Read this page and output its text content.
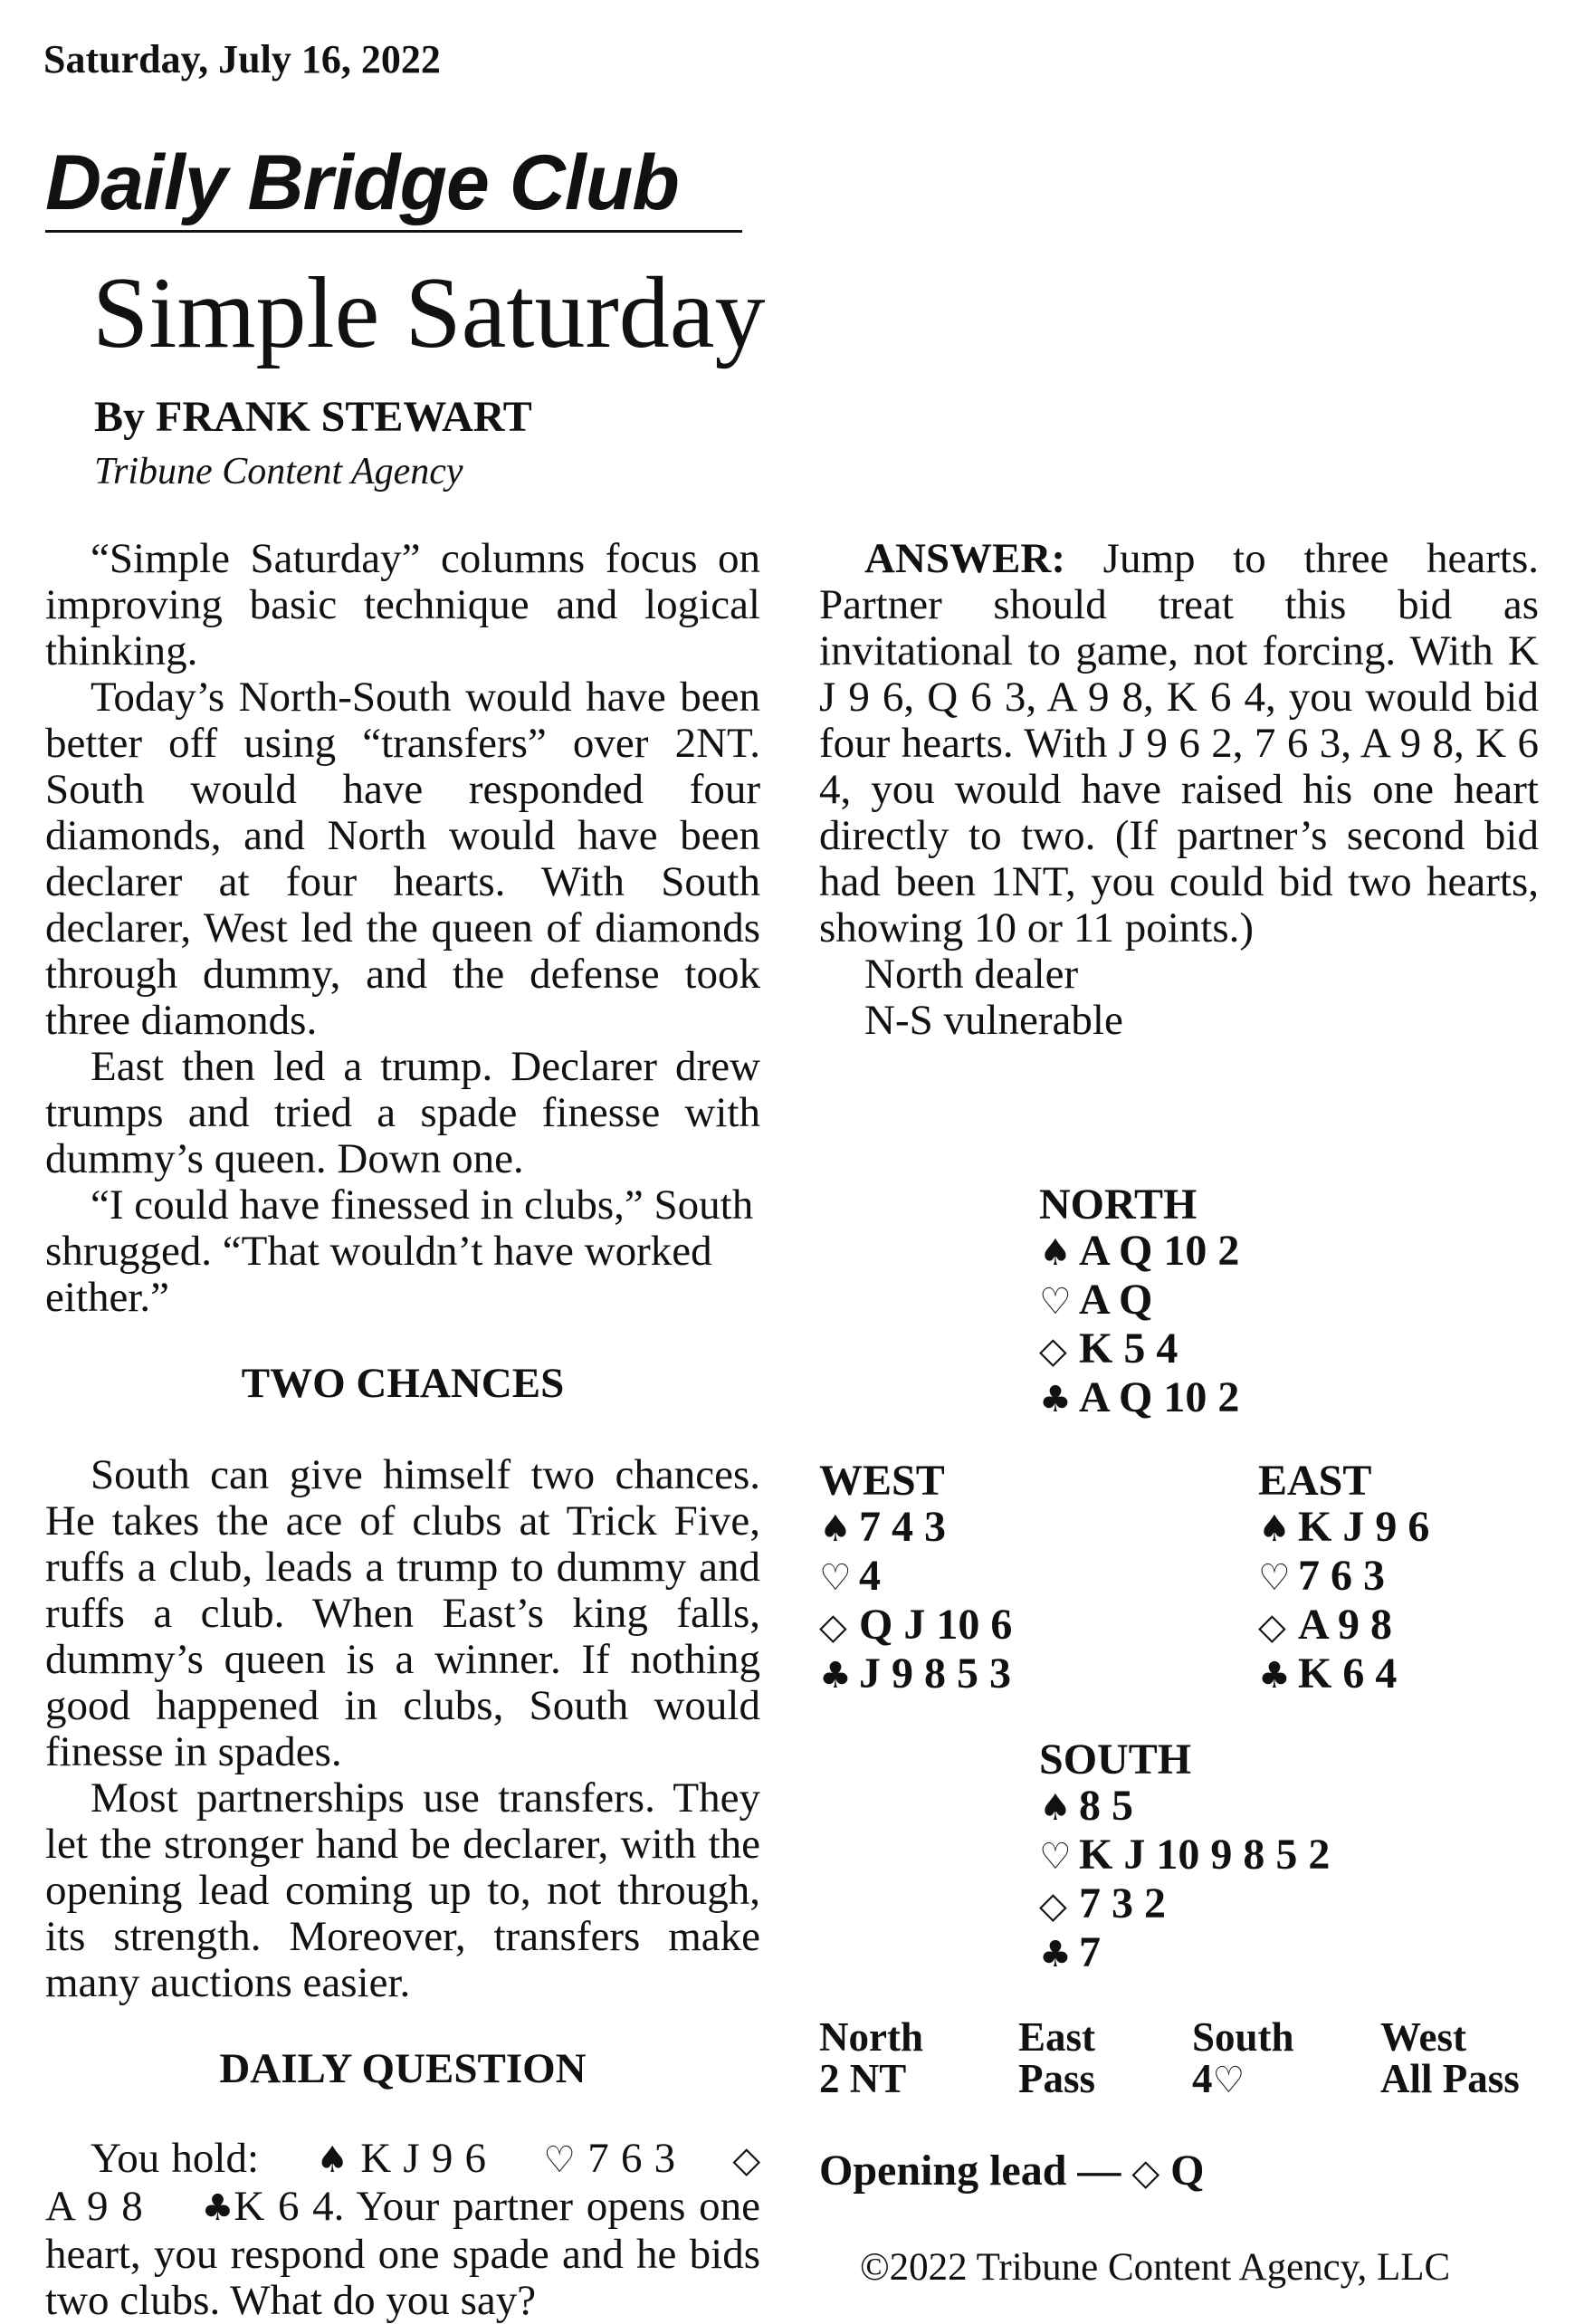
Saturday, July 16, 2022
Daily Bridge Club
Simple Saturday
By FRANK STEWART
Tribune Content Agency

“Simple Saturday” columns focus on improving basic technique and logical thinking.

Today’s North-South would have been better off using “transfers” over 2NT. South would have responded four diamonds, and North would have been declarer at four hearts. With South declarer, West led the queen of diamonds through dummy, and the defense took three diamonds.

East then led a trump. Declarer drew trumps and tried a spade finesse with dummy’s queen. Down one.

“I could have finessed in clubs,” South shrugged. “That wouldn’t have worked either.”

TWO CHANCES

South can give himself two chances. He takes the ace of clubs at Trick Five, ruffs a club, leads a trump to dummy and ruffs a club. When East’s king falls, dummy’s queen is a winner. If nothing good happened in clubs, South would finesse in spades.

Most partnerships use transfers. They let the stronger hand be declarer, with the opening lead coming up to, not through, its strength. Moreover, transfers make many auctions easier.

DAILY QUESTION

You hold: ♠ K J 9 6 ♡ 7 6 3 ◇A 9 8 ♣K 6 4. Your partner opens one heart, you respond one spade and he bids two clubs. What do you say?

ANSWER: Jump to three hearts. Partner should treat this bid as invitational to game, not forcing. With K J 9 6, Q 6 3, A 9 8, K 6 4, you would bid four hearts. With J 9 6 2, 7 6 3, A 9 8, K 6 4, you would have raised his one heart directly to two. (If partner’s second bid had been 1NT, you could bid two hearts, showing 10 or 11 points.)

North dealer

N-S vulnerable

NORTH
♠ A Q 10 2
♡ A Q
◇ K 5 4
♣ A Q 10 2
WEST
♠ 7 4 3
♡ 4
◇ Q J 10 6
♣ J 9 8 5 3
EAST
♠ K J 9 6
♡ 7 6 3
◇ A 9 8
♣ K 6 4
SOUTH
♠ 8 5
♡ K J 10 9 8 5 2
◇ 7 3 2
♣ 7
North East South West
2 NT	Pass 4♡	All Pass
Opening lead — ◇ Q
©2022 Tribune Content Agency, LLC
